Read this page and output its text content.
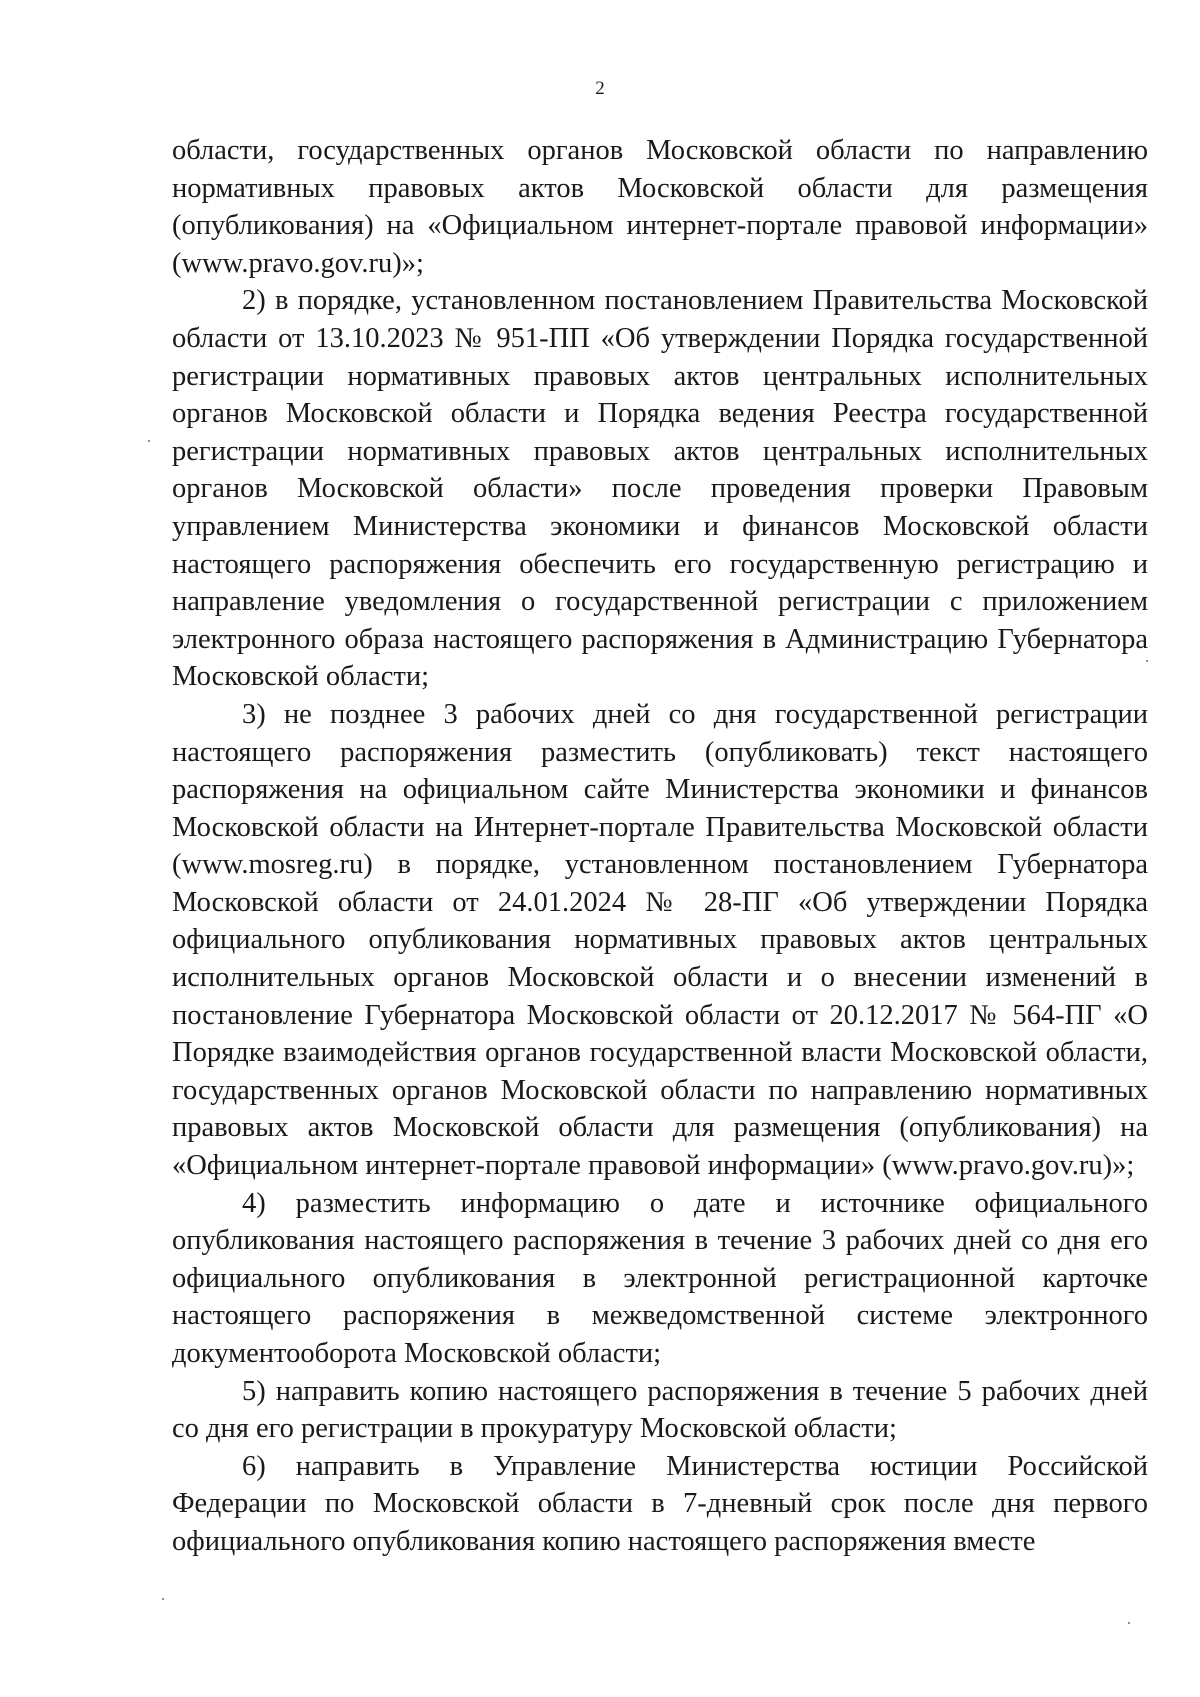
2

области, государственных органов Московской области по направлению нормативных правовых актов Московской области для размещения (опубликования) на «Официальном интернет-портале правовой информации» (www.pravo.gov.ru)»;

2) в порядке, установленном постановлением Правительства Московской области от 13.10.2023 № 951-ПП «Об утверждении Порядка государственной регистрации нормативных правовых актов центральных исполнительных органов Московской области и Порядка ведения Реестра государственной регистрации нормативных правовых актов центральных исполнительных органов Московской области» после проведения проверки Правовым управлением Министерства экономики и финансов Московской области настоящего распоряжения обеспечить его государственную регистрацию и направление уведомления о государственной регистрации с приложением электронного образа настоящего распоряжения в Администрацию Губернатора Московской области;

3) не позднее 3 рабочих дней со дня государственной регистрации настоящего распоряжения разместить (опубликовать) текст настоящего распоряжения на официальном сайте Министерства экономики и финансов Московской области на Интернет-портале Правительства Московской области (www.mosreg.ru) в порядке, установленном постановлением Губернатора Московской области от 24.01.2024 № 28-ПГ «Об утверждении Порядка официального опубликования нормативных правовых актов центральных исполнительных органов Московской области и о внесении изменений в постановление Губернатора Московской области от 20.12.2017 № 564-ПГ «О Порядке взаимодействия органов государственной власти Московской области, государственных органов Московской области по направлению нормативных правовых актов Московской области для размещения (опубликования) на «Официальном интернет-портале правовой информации» (www.pravo.gov.ru)»;

4) разместить информацию о дате и источнике официального опубликования настоящего распоряжения в течение 3 рабочих дней со дня его официального опубликования в электронной регистрационной карточке настоящего распоряжения в межведомственной системе электронного документооборота Московской области;

5) направить копию настоящего распоряжения в течение 5 рабочих дней со дня его регистрации в прокуратуру Московской области;

6) направить в Управление Министерства юстиции Российской Федерации по Московской области в 7-дневный срок после дня первого официального опубликования копию настоящего распоряжения вместе
